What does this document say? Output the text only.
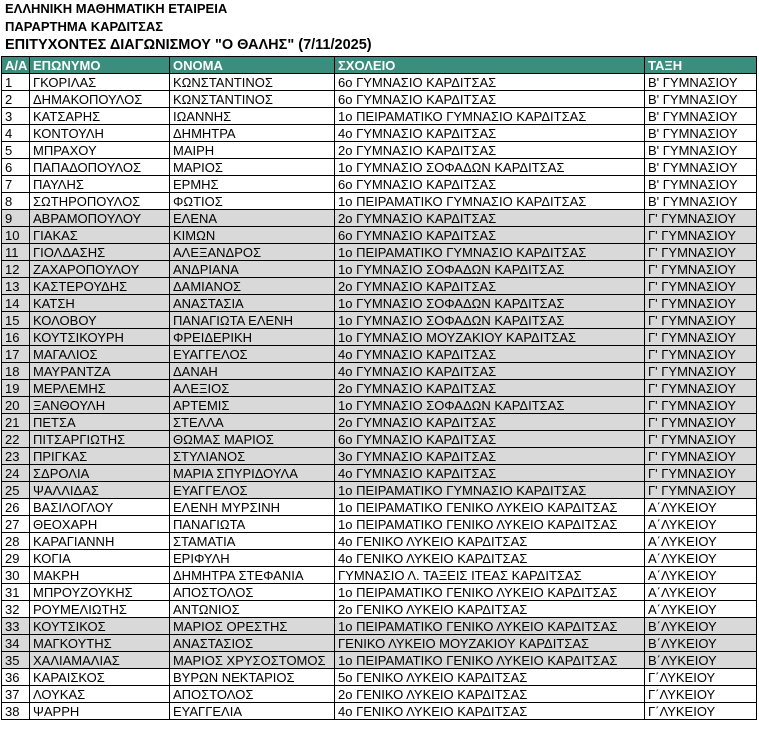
ΕΛΛΗΝΙΚΗ ΜΑΘΗΜΑΤΙΚΗ ΕΤΑΙΡΕΙΑ
ΠΑΡΑΡΤΗΜΑ ΚΑΡΔΙΤΣΑΣ
ΕΠΙΤΥΧΟΝΤΕΣ ΔΙΑΓΩΝΙΣΜΟΥ "Ο ΘΑΛΗΣ" (7/11/2025)
Α/Α	ΕΠΩΝΥΜΟ	ΟΝΟΜΑ	ΣΧΟΛΕΙΟ	ΤΑΞΗ
1	ΓΚΟΡΙΛΑΣ	ΚΩΝΣΤΑΝΤΙΝΟΣ	6ο ΓΥΜΝΑΣΙΟ ΚΑΡΔΙΤΣΑΣ	Β' ΓΥΜΝΑΣΙΟΥ
2	ΔΗΜΑΚΟΠΟΥΛΟΣ	ΚΩΝΣΤΑΝΤΙΝΟΣ	6ο ΓΥΜΝΑΣΙΟ ΚΑΡΔΙΤΣΑΣ	Β' ΓΥΜΝΑΣΙΟΥ
3	ΚΑΤΣΑΡΗΣ	ΙΩΑΝΝΗΣ	1ο ΠΕΙΡΑΜΑΤΙΚΟ ΓΥΜΝΑΣΙΟ ΚΑΡΔΙΤΣΑΣ	Β' ΓΥΜΝΑΣΙΟΥ
4	ΚΟΝΤΟΥΛΗ	ΔΗΜΗΤΡΑ	4ο ΓΥΜΝΑΣΙΟ ΚΑΡΔΙΤΣΑΣ	Β' ΓΥΜΝΑΣΙΟΥ
5	ΜΠΡΑΧΟΥ	ΜΑΙΡΗ	2ο ΓΥΜΝΑΣΙΟ ΚΑΡΔΙΤΣΑΣ	Β' ΓΥΜΝΑΣΙΟΥ
6	ΠΑΠΑΔΟΠΟΥΛΟΣ	ΜΑΡΙΟΣ	1ο ΓΥΜΝΑΣΙΟ ΣΟΦΑΔΩΝ ΚΑΡΔΙΤΣΑΣ	Β' ΓΥΜΝΑΣΙΟΥ
7	ΠΑΥΛΗΣ	ΕΡΜΗΣ	6ο ΓΥΜΝΑΣΙΟ ΚΑΡΔΙΤΣΑΣ	Β' ΓΥΜΝΑΣΙΟΥ
8	ΣΩΤΗΡΟΠΟΥΛΟΣ	ΦΩΤΙΟΣ	1ο ΠΕΙΡΑΜΑΤΙΚΟ ΓΥΜΝΑΣΙΟ ΚΑΡΔΙΤΣΑΣ	Β' ΓΥΜΝΑΣΙΟΥ
9	ΑΒΡΑΜΟΠΟΥΛΟΥ	ΕΛΕΝΑ	2ο ΓΥΜΝΑΣΙΟ ΚΑΡΔΙΤΣΑΣ	Γ' ΓΥΜΝΑΣΙΟΥ
10	ΓΙΑΚΑΣ	ΚΙΜΩΝ	6ο ΓΥΜΝΑΣΙΟ ΚΑΡΔΙΤΣΑΣ	Γ' ΓΥΜΝΑΣΙΟΥ
11	ΓΙΟΛΔΑΣΗΣ	ΑΛΕΞΑΝΔΡΟΣ	1ο ΠΕΙΡΑΜΑΤΙΚΟ ΓΥΜΝΑΣΙΟ ΚΑΡΔΙΤΣΑΣ	Γ' ΓΥΜΝΑΣΙΟΥ
12	ΖΑΧΑΡΟΠΟΥΛΟΥ	ΑΝΔΡΙΑΝΑ	1ο ΓΥΜΝΑΣΙΟ ΣΟΦΑΔΩΝ ΚΑΡΔΙΤΣΑΣ	Γ' ΓΥΜΝΑΣΙΟΥ
13	ΚΑΣΤΕΡΟΥΔΗΣ	ΔΑΜΙΑΝΟΣ	2ο ΓΥΜΝΑΣΙΟ ΚΑΡΔΙΤΣΑΣ	Γ' ΓΥΜΝΑΣΙΟΥ
14	ΚΑΤΣΗ	ΑΝΑΣΤΑΣΙΑ	1ο ΓΥΜΝΑΣΙΟ ΣΟΦΑΔΩΝ ΚΑΡΔΙΤΣΑΣ	Γ' ΓΥΜΝΑΣΙΟΥ
15	ΚΟΛΟΒΟΥ	ΠΑΝΑΓΙΩΤΑ ΕΛΕΝΗ	1ο ΓΥΜΝΑΣΙΟ ΣΟΦΑΔΩΝ ΚΑΡΔΙΤΣΑΣ	Γ' ΓΥΜΝΑΣΙΟΥ
16	ΚΟΥΤΣΙΚΟΥΡΗ	ΦΡΕΙΔΕΡΙΚΗ	1ο ΓΥΜΝΑΣΙΟ ΜΟΥΖΑΚΙΟΥ ΚΑΡΔΙΤΣΑΣ	Γ' ΓΥΜΝΑΣΙΟΥ
17	ΜΑΓΑΛΙΟΣ	ΕΥΑΓΓΕΛΟΣ	4ο ΓΥΜΝΑΣΙΟ ΚΑΡΔΙΤΣΑΣ	Γ' ΓΥΜΝΑΣΙΟΥ
18	ΜΑΥΡΑΝΤΖΑ	ΔΑΝΑΗ	4ο ΓΥΜΝΑΣΙΟ ΚΑΡΔΙΤΣΑΣ	Γ' ΓΥΜΝΑΣΙΟΥ
19	ΜΕΡΛΕΜΗΣ	ΑΛΕΞΙΟΣ	2ο ΓΥΜΝΑΣΙΟ ΚΑΡΔΙΤΣΑΣ	Γ' ΓΥΜΝΑΣΙΟΥ
20	ΞΑΝΘΟΥΛΗ	ΑΡΤΕΜΙΣ	1ο ΓΥΜΝΑΣΙΟ ΣΟΦΑΔΩΝ ΚΑΡΔΙΤΣΑΣ	Γ' ΓΥΜΝΑΣΙΟΥ
21	ΠΕΤΣΑ	ΣΤΕΛΛΑ	2ο ΓΥΜΝΑΣΙΟ ΚΑΡΔΙΤΣΑΣ	Γ' ΓΥΜΝΑΣΙΟΥ
22	ΠΙΤΣΑΡΓΙΩΤΗΣ	ΘΩΜΑΣ ΜΑΡΙΟΣ	6ο ΓΥΜΝΑΣΙΟ ΚΑΡΔΙΤΣΑΣ	Γ' ΓΥΜΝΑΣΙΟΥ
23	ΠΡΙΓΚΑΣ	ΣΤΥΛΙΑΝΟΣ	3ο ΓΥΜΝΑΣΙΟ ΚΑΡΔΙΤΣΑΣ	Γ' ΓΥΜΝΑΣΙΟΥ
24	ΣΔΡΟΛΙΑ	ΜΑΡΙΑ ΣΠΥΡΙΔΟΥΛΑ	4ο ΓΥΜΝΑΣΙΟ ΚΑΡΔΙΤΣΑΣ	Γ' ΓΥΜΝΑΣΙΟΥ
25	ΨΑΛΛΙΔΑΣ	ΕΥΑΓΓΕΛΟΣ	1ο ΠΕΙΡΑΜΑΤΙΚΟ ΓΥΜΝΑΣΙΟ ΚΑΡΔΙΤΣΑΣ	Γ' ΓΥΜΝΑΣΙΟΥ
26	ΒΑΣΙΛΟΓΛΟΥ	ΕΛΕΝΗ ΜΥΡΣΙΝΗ	1ο ΠΕΙΡΑΜΑΤΙΚΟ ΓΕΝΙΚΟ ΛΥΚΕΙΟ ΚΑΡΔΙΤΣΑΣ	Α΄ΛΥΚΕΙΟΥ
27	ΘΕΟΧΑΡΗ	ΠΑΝΑΓΙΩΤΑ	1ο ΠΕΙΡΑΜΑΤΙΚΟ ΓΕΝΙΚΟ ΛΥΚΕΙΟ ΚΑΡΔΙΤΣΑΣ	Α΄ΛΥΚΕΙΟΥ
28	ΚΑΡΑΓΙΑΝΝΗ	ΣΤΑΜΑΤΙΑ	4ο ΓΕΝΙΚΟ ΛΥΚΕΙΟ ΚΑΡΔΙΤΣΑΣ	Α΄ΛΥΚΕΙΟΥ
29	ΚΟΓΙΑ	ΕΡΙΦΥΛΗ	4ο ΓΕΝΙΚΟ ΛΥΚΕΙΟ ΚΑΡΔΙΤΣΑΣ	Α΄ΛΥΚΕΙΟΥ
30	ΜΑΚΡΗ	ΔΗΜΗΤΡΑ ΣΤΕΦΑΝΙΑ	ΓΥΜΝΑΣΙΟ Λ. ΤΑΞΕΙΣ ΙΤΕΑΣ ΚΑΡΔΙΤΣΑΣ	Α΄ΛΥΚΕΙΟΥ
31	ΜΠΡΟΥΖΟΥΚΗΣ	ΑΠΟΣΤΟΛΟΣ	1ο ΠΕΙΡΑΜΑΤΙΚΟ ΓΕΝΙΚΟ ΛΥΚΕΙΟ ΚΑΡΔΙΤΣΑΣ	Α΄ΛΥΚΕΙΟΥ
32	ΡΟΥΜΕΛΙΩΤΗΣ	ΑΝΤΩΝΙΟΣ	2ο ΓΕΝΙΚΟ ΛΥΚΕΙΟ ΚΑΡΔΙΤΣΑΣ	Α΄ΛΥΚΕΙΟΥ
33	ΚΟΥΤΣΙΚΟΣ	ΜΑΡΙΟΣ ΟΡΕΣΤΗΣ	1ο ΠΕΙΡΑΜΑΤΙΚΟ ΓΕΝΙΚΟ ΛΥΚΕΙΟ ΚΑΡΔΙΤΣΑΣ	Β΄ΛΥΚΕΙΟΥ
34	ΜΑΓΚΟΥΤΗΣ	ΑΝΑΣΤΑΣΙΟΣ	ΓΕΝΙΚΟ ΛΥΚΕΙΟ ΜΟΥΖΑΚΙΟΥ ΚΑΡΔΙΤΣΑΣ	Β΄ΛΥΚΕΙΟΥ
35	ΧΑΛΙΑΜΑΛΙΑΣ	ΜΑΡΙΟΣ ΧΡΥΣΟΣΤΟΜΟΣ	1ο ΠΕΙΡΑΜΑΤΙΚΟ ΓΕΝΙΚΟ ΛΥΚΕΙΟ ΚΑΡΔΙΤΣΑΣ	Β΄ΛΥΚΕΙΟΥ
36	ΚΑΡΑΙΣΚΟΣ	ΒΥΡΩΝ ΝΕΚΤΑΡΙΟΣ	5ο ΓΕΝΙΚΟ ΛΥΚΕΙΟ ΚΑΡΔΙΤΣΑΣ	Γ΄ΛΥΚΕΙΟΥ
37	ΛΟΥΚΑΣ	ΑΠΟΣΤΟΛΟΣ	2ο ΓΕΝΙΚΟ ΛΥΚΕΙΟ ΚΑΡΔΙΤΣΑΣ	Γ΄ΛΥΚΕΙΟΥ
38	ΨΑΡΡΗ	ΕΥΑΓΓΕΛΙΑ	4ο ΓΕΝΙΚΟ ΛΥΚΕΙΟ ΚΑΡΔΙΤΣΑΣ	Γ΄ΛΥΚΕΙΟΥ
